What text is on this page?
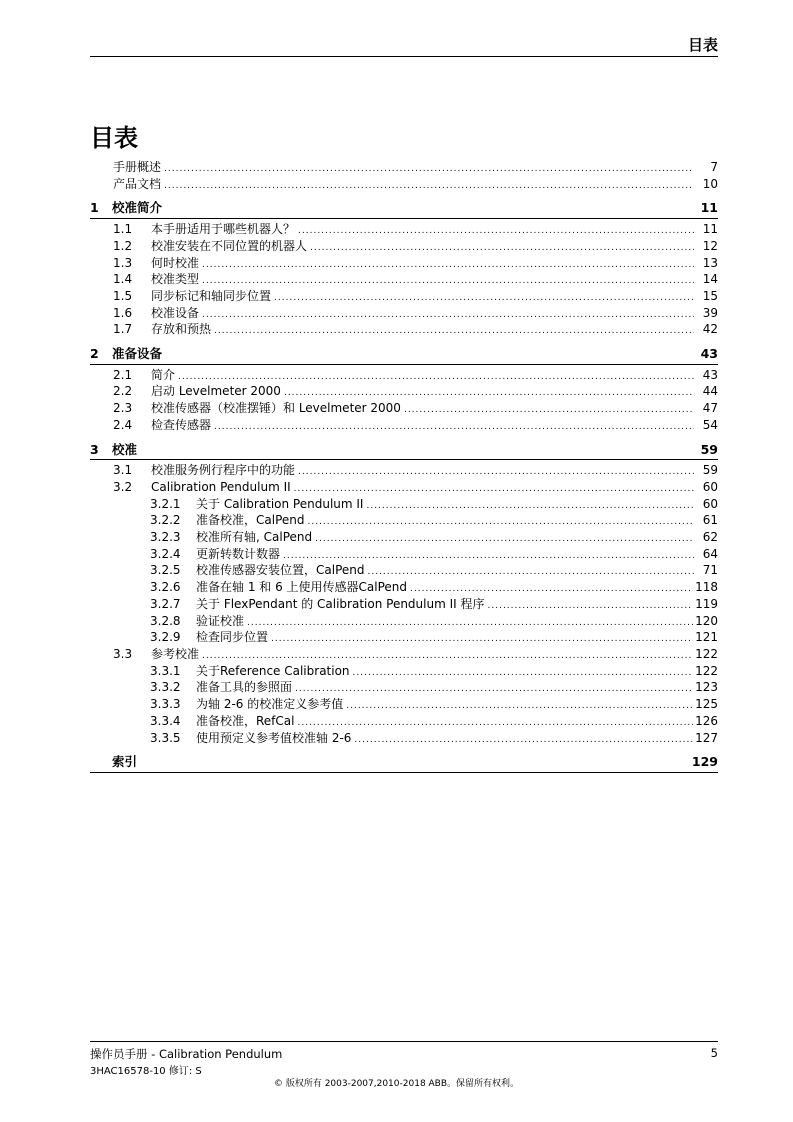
目表
目表
手册概述 .....	7
产品文档 .....	10
1	校准简介	11
1.1	本手册适用于哪些机器人？ .....	11
1.2	校准安装在不同位置的机器人 .....	12
1.3	何时校准 .....	13
1.4	校准类型 .....	14
1.5	同步标记和轴同步位置 .....	15
1.6	校准设备 .....	39
1.7	存放和预热 .....	42
2	准备设备	43
2.1	简介 .....	43
2.2	启动 Levelmeter 2000 .....	44
2.3	校准传感器（校准摆锤）和 Levelmeter 2000 .....	47
2.4	检查传感器 .....	54
3	校准	59
3.1	校准服务例行程序中的功能 .....	59
3.2	Calibration Pendulum II .....	60
3.2.1	关于 Calibration Pendulum II .....	60
3.2.2	准备校准，CalPend .....	61
3.2.3	校准所有轴, CalPend .....	62
3.2.4	更新转数计数器 .....	64
3.2.5	校准传感器安装位置，CalPend .....	71
3.2.6	准备在轴 1 和 6 上使用传感器CalPend .....	118
3.2.7	关于 FlexPendant 的 Calibration Pendulum II 程序 .....	119
3.2.8	验证校准 .....	120
3.2.9	检查同步位置 .....	121
3.3	参考校准 .....	122
3.3.1	关于Reference Calibration .....	122
3.3.2	准备工具的参照面 .....	123
3.3.3	为轴 2-6 的校准定义参考值 .....	125
3.3.4	准备校准，RefCal .....	126
3.3.5	使用预定义参考值校准轴 2-6 .....	127
索引	129
操作员手册 - Calibration Pendulum	5
3HAC16578-10 修订: S
© 版权所有 2003-2007,2010-2018 ABB。保留所有权利。
